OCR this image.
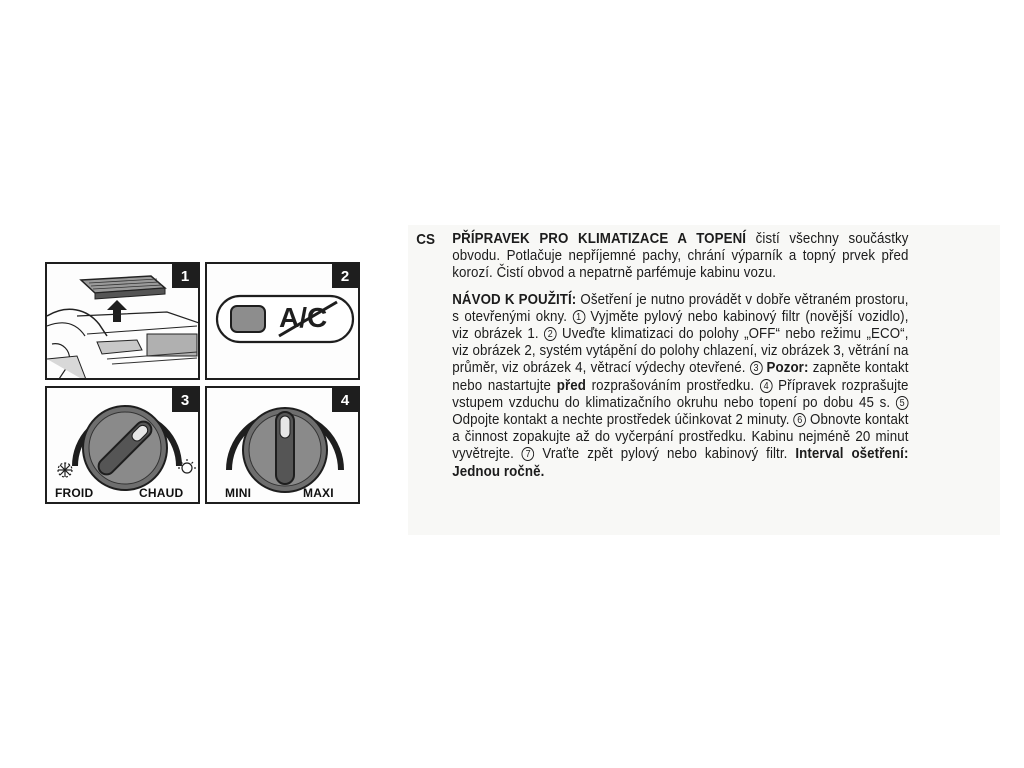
1
A/C
2
FROID	CHAUD
3
MINI	MAXI
4
CS PŘÍPRAVEK PRO KLIMATIZACE A TOPENÍ čistí všechny součástky obvodu. Potlačuje nepříjemné pachy, chrání výparník a topný prvek před korozí. Čistí obvod a nepatrně parfémuje kabinu vozu.
NÁVOD K POUŽITÍ: Ošetření je nutno provádět v dobře větraném prostoru, s otevřenými okny. 1 Vyjměte pylový nebo kabinový filtr (novější vozidlo), viz obrázek 1. 2 Uveďte klimatizaci do polohy „OFF“ nebo režimu „ECO“, viz obrázek 2, systém vytápění do polohy chlazení, viz obrázek 3, větrání na průměr, viz obrázek 4, větrací výdechy otevřené. 3 Pozor: zapněte kontakt nebo nastartujte před rozprašováním prostředku. 4 Přípravek rozprašujte vstupem vzduchu do klimatizačního okruhu nebo topení po dobu 45 s. 5 Odpojte kontakt a nechte prostředek účinkovat 2 minuty. 6 Obnovte kontakt a činnost zopakujte až do vyčerpání prostředku. Kabinu nejméně 20 minut vyvětrejte. 7 Vraťte zpět pylový nebo kabinový filtr. Interval ošetření: Jednou ročně.
